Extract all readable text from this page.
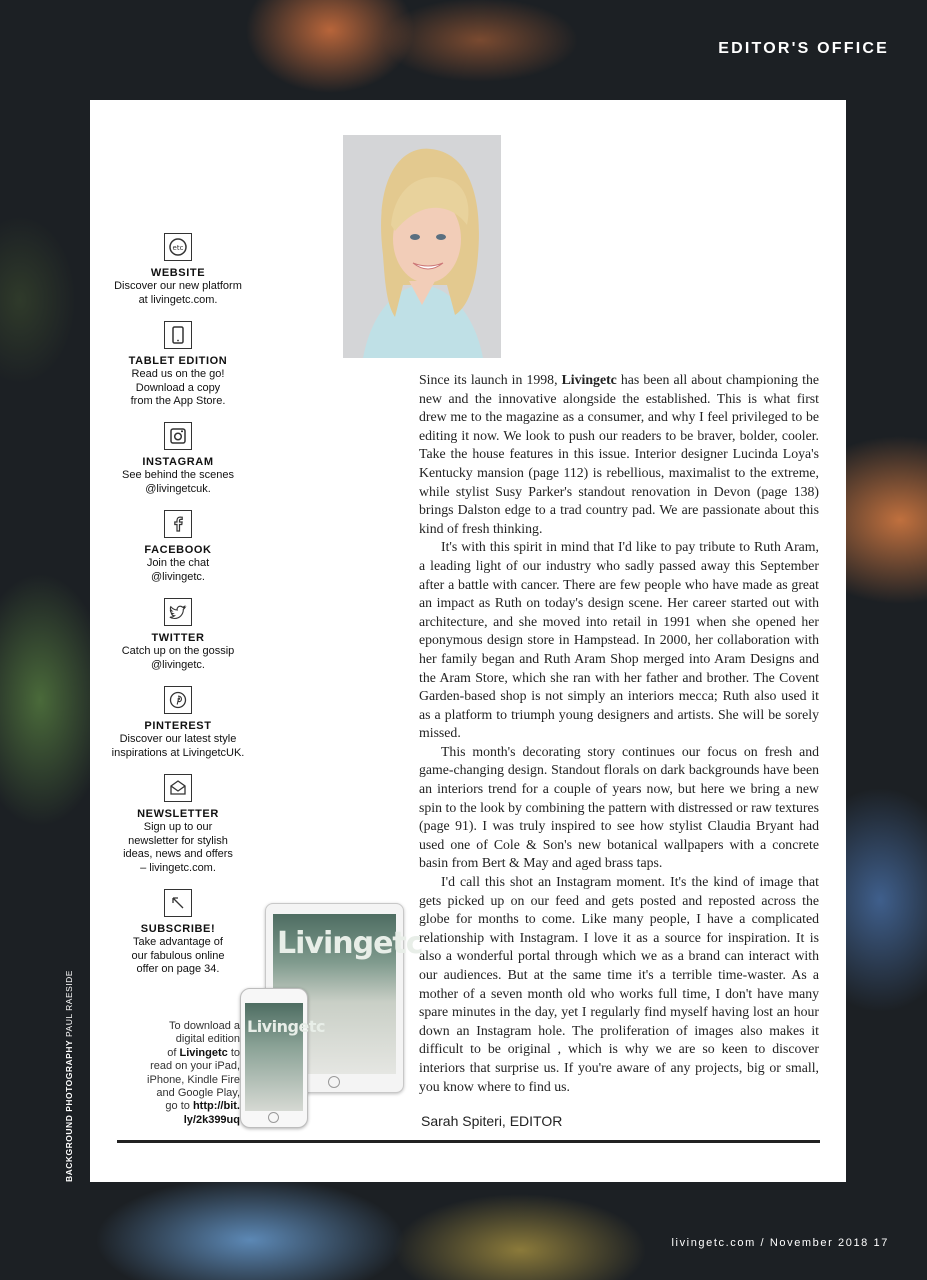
EDITOR'S OFFICE
BACKGROUND PHOTOGRAPHY PAUL RAESIDE
livingetc.com / November 2018 17
etc
WEBSITE
Discover our new platform
at livingetc.com.
TABLET EDITION
Read us on the go!
Download a copy
from the App Store.
INSTAGRAM
See behind the scenes
@livingetcuk.
FACEBOOK
Join the chat
@livingetc.
TWITTER
Catch up on the gossip
@livingetc.
PINTEREST
Discover our latest style
inspirations at LivingetcUK.
NEWSLETTER
Sign up to our
newsletter for stylish
ideas, news and offers
– livingetc.com.
SUBSCRIBE!
Take advantage of
our fabulous online
offer on page 34.
To download a
digital edition
of Livingetc to
read on your iPad,
iPhone, Kindle Fire
and Google Play,
go to http://bit.
ly/2k399uq
Livingetc
Livingetc

Since its launch in 1998, Livingetc has been all about championing the new and the innovative alongside the established. This is what first drew me to the magazine as a consumer, and why I feel privileged to be editing it now. We look to push our readers to be braver, bolder, cooler. Take the house features in this issue. Interior designer Lucinda Loya's Kentucky mansion (page 112) is rebellious, maximalist to the extreme, while stylist Susy Parker's standout renovation in Devon (page 138) brings Dalston edge to a trad country pad. We are passionate about this kind of fresh thinking.

It's with this spirit in mind that I'd like to pay tribute to Ruth Aram, a leading light of our industry who sadly passed away this September after a battle with cancer. There are few people who have made as great an impact as Ruth on today's design scene. Her career started out with architecture, and she moved into retail in 1991 when she opened her eponymous design store in Hampstead. In 2000, her collaboration with her family began and Ruth Aram Shop merged into Aram Designs and the Aram Store, which she ran with her father and brother. The Covent Garden-based shop is not simply an interiors mecca; Ruth also used it as a platform to triumph young designers and artists. She will be sorely missed.

This month's decorating story continues our focus on fresh and game-changing design. Standout florals on dark backgrounds have been an interiors trend for a couple of years now, but here we bring a new spin to the look by combining the pattern with distressed or raw textures (page 91). I was truly inspired to see how stylist Claudia Bryant had used one of Cole & Son's new botanical wallpapers with a concrete basin from Bert & May and aged brass taps.

I'd call this shot an Instagram moment. It's the kind of image that gets picked up on our feed and gets posted and reposted across the globe for months to come. Like many people, I have a complicated relationship with Instagram. I love it as a source for inspiration. It is also a wonderful portal through which we as a brand can interact with our audiences. But at the same time it's a terrible time-waster. As a mother of a seven month old who works full time, I don't have many spare minutes in the day, yet I regularly find myself having lost an hour down an Instagram hole. The proliferation of images also makes it difficult to be original , which is why we are so keen to discover interiors that surprise us. If you're aware of any projects, big or small, you know where to find us.

Sarah Spiteri, EDITOR
